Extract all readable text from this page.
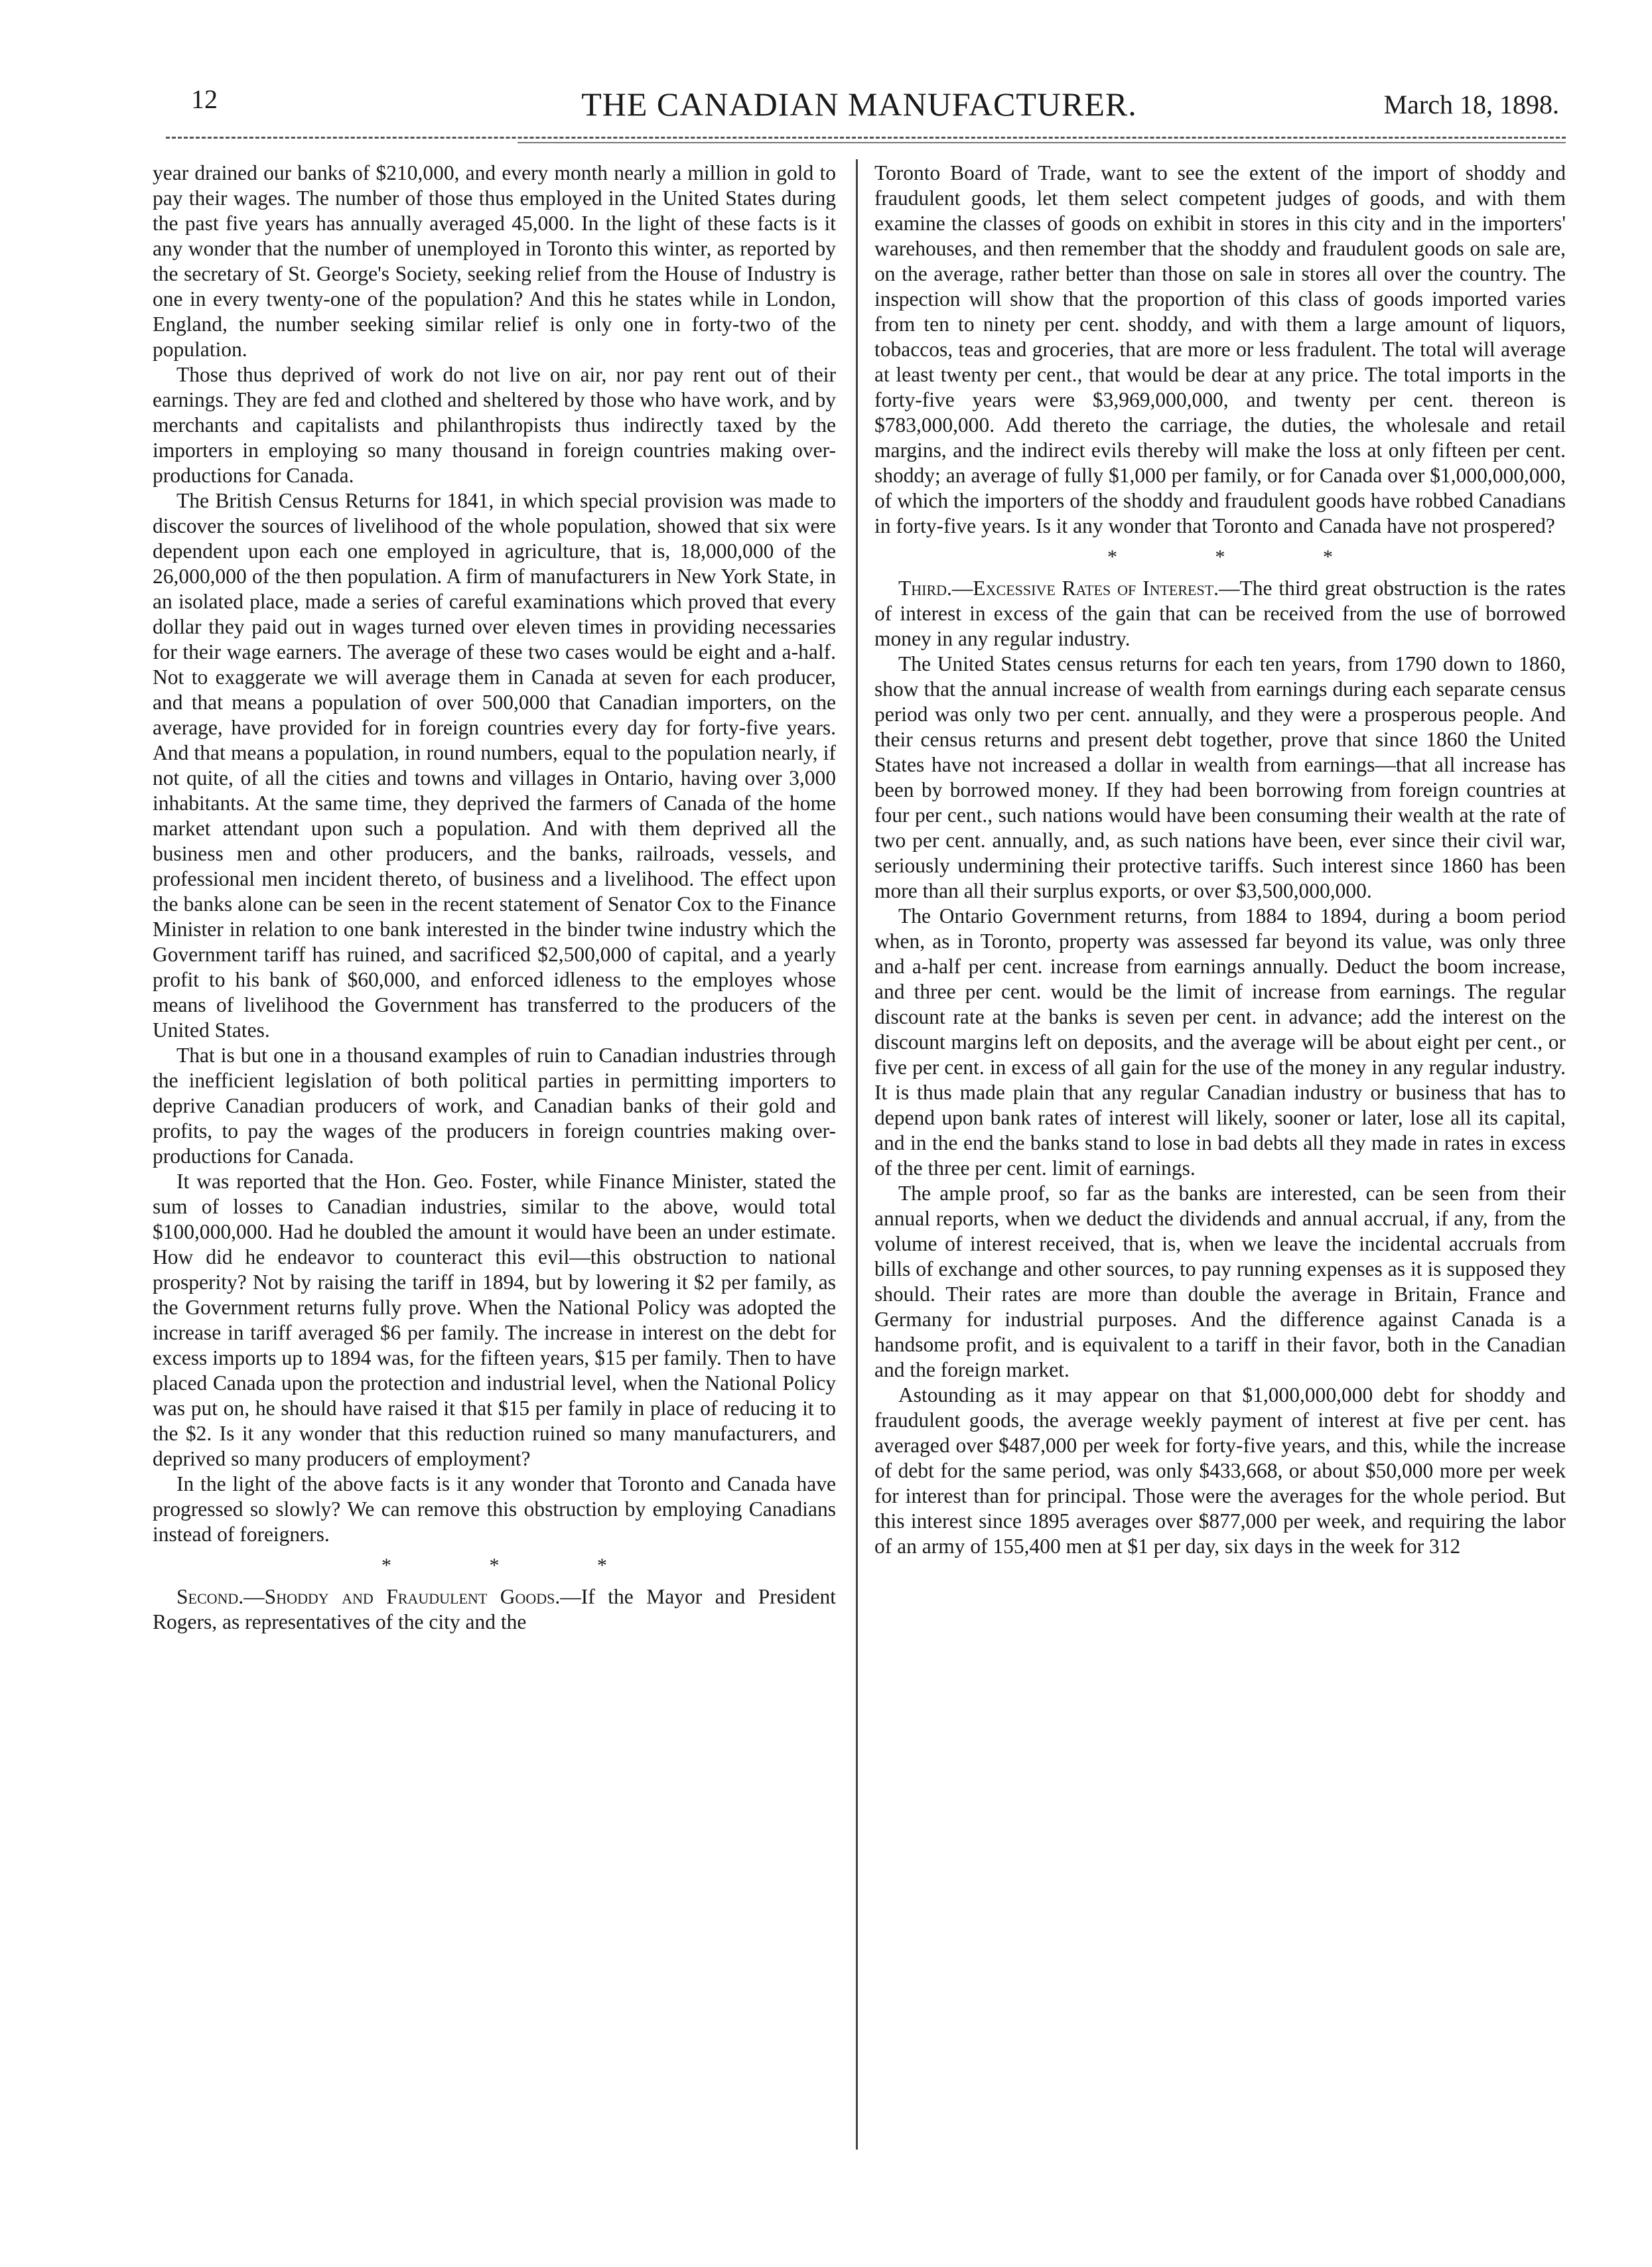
12	THE CANADIAN MANUFACTURER.	March 18, 1898.

year drained our banks of $210,000, and every month nearly a million in gold to pay their wages. The number of those thus employed in the United States during the past five years has annually averaged 45,000. In the light of these facts is it any wonder that the number of unemployed in Toronto this winter, as reported by the secretary of St. George's Society, seeking relief from the House of Industry is one in every twenty-one of the population? And this he states while in London, England, the number seeking similar relief is only one in forty-two of the population.

Those thus deprived of work do not live on air, nor pay rent out of their earnings. They are fed and clothed and sheltered by those who have work, and by merchants and capitalists and philanthropists thus indirectly taxed by the importers in employing so many thousand in foreign countries making over-productions for Canada.

The British Census Returns for 1841, in which special provision was made to discover the sources of livelihood of the whole population, showed that six were dependent upon each one employed in agriculture, that is, 18,000,000 of the 26,000,000 of the then population. A firm of manufacturers in New York State, in an isolated place, made a series of careful examinations which proved that every dollar they paid out in wages turned over eleven times in providing necessaries for their wage earners. The average of these two cases would be eight and a-half. Not to exaggerate we will average them in Canada at seven for each producer, and that means a population of over 500,000 that Canadian importers, on the average, have provided for in foreign countries every day for forty-five years. And that means a population, in round numbers, equal to the population nearly, if not quite, of all the cities and towns and villages in Ontario, having over 3,000 inhabitants. At the same time, they deprived the farmers of Canada of the home market attendant upon such a population. And with them deprived all the business men and other producers, and the banks, railroads, vessels, and professional men incident thereto, of business and a livelihood. The effect upon the banks alone can be seen in the recent statement of Senator Cox to the Finance Minister in relation to one bank interested in the binder twine industry which the Government tariff has ruined, and sacrificed $2,500,000 of capital, and a yearly profit to his bank of $60,000, and enforced idleness to the employes whose means of livelihood the Government has transferred to the producers of the United States.

That is but one in a thousand examples of ruin to Canadian industries through the inefficient legislation of both political parties in permitting importers to deprive Canadian producers of work, and Canadian banks of their gold and profits, to pay the wages of the producers in foreign countries making over-productions for Canada.

It was reported that the Hon. Geo. Foster, while Finance Minister, stated the sum of losses to Canadian industries, similar to the above, would total $100,000,000. Had he doubled the amount it would have been an under estimate. How did he endeavor to counteract this evil—this obstruction to national prosperity? Not by raising the tariff in 1894, but by lowering it $2 per family, as the Government returns fully prove. When the National Policy was adopted the increase in tariff averaged $6 per family. The increase in interest on the debt for excess imports up to 1894 was, for the fifteen years, $15 per family. Then to have placed Canada upon the protection and industrial level, when the National Policy was put on, he should have raised it that $15 per family in place of reducing it to the $2. Is it any wonder that this reduction ruined so many manufacturers, and deprived so many producers of employment?

In the light of the above facts is it any wonder that Toronto and Canada have progressed so slowly? We can remove this obstruction by employing Canadians instead of foreigners.

* * *

Second.—Shoddy and Fraudulent Goods.—If the Mayor and President Rogers, as representatives of the city and the

Toronto Board of Trade, want to see the extent of the import of shoddy and fraudulent goods, let them select competent judges of goods, and with them examine the classes of goods on exhibit in stores in this city and in the importers' warehouses, and then remember that the shoddy and fraudulent goods on sale are, on the average, rather better than those on sale in stores all over the country. The inspection will show that the proportion of this class of goods imported varies from ten to ninety per cent. shoddy, and with them a large amount of liquors, tobaccos, teas and groceries, that are more or less fradulent. The total will average at least twenty per cent., that would be dear at any price. The total imports in the forty-five years were $3,969,000,000, and twenty per cent. thereon is $783,000,000. Add thereto the carriage, the duties, the wholesale and retail margins, and the indirect evils thereby will make the loss at only fifteen per cent. shoddy; an average of fully $1,000 per family, or for Canada over $1,000,000,000, of which the importers of the shoddy and fraudulent goods have robbed Canadians in forty-five years. Is it any wonder that Toronto and Canada have not prospered?

* * *

Third.—Excessive Rates of Interest.—The third great obstruction is the rates of interest in excess of the gain that can be received from the use of borrowed money in any regular industry.

The United States census returns for each ten years, from 1790 down to 1860, show that the annual increase of wealth from earnings during each separate census period was only two per cent. annually, and they were a prosperous people. And their census returns and present debt together, prove that since 1860 the United States have not increased a dollar in wealth from earnings—that all increase has been by borrowed money. If they had been borrowing from foreign countries at four per cent., such nations would have been consuming their wealth at the rate of two per cent. annually, and, as such nations have been, ever since their civil war, seriously undermining their protective tariffs. Such interest since 1860 has been more than all their surplus exports, or over $3,500,000,000.

The Ontario Government returns, from 1884 to 1894, during a boom period when, as in Toronto, property was assessed far beyond its value, was only three and a-half per cent. increase from earnings annually. Deduct the boom increase, and three per cent. would be the limit of increase from earnings. The regular discount rate at the banks is seven per cent. in advance; add the interest on the discount margins left on deposits, and the average will be about eight per cent., or five per cent. in excess of all gain for the use of the money in any regular industry. It is thus made plain that any regular Canadian industry or business that has to depend upon bank rates of interest will likely, sooner or later, lose all its capital, and in the end the banks stand to lose in bad debts all they made in rates in excess of the three per cent. limit of earnings.

The ample proof, so far as the banks are interested, can be seen from their annual reports, when we deduct the dividends and annual accrual, if any, from the volume of interest received, that is, when we leave the incidental accruals from bills of exchange and other sources, to pay running expenses as it is supposed they should. Their rates are more than double the average in Britain, France and Germany for industrial purposes. And the difference against Canada is a handsome profit, and is equivalent to a tariff in their favor, both in the Canadian and the foreign market.

Astounding as it may appear on that $1,000,000,000 debt for shoddy and fraudulent goods, the average weekly payment of interest at five per cent. has averaged over $487,000 per week for forty-five years, and this, while the increase of debt for the same period, was only $433,668, or about $50,000 more per week for interest than for principal. Those were the averages for the whole period. But this interest since 1895 averages over $877,000 per week, and requiring the labor of an army of 155,400 men at $1 per day, six days in the week for 312
